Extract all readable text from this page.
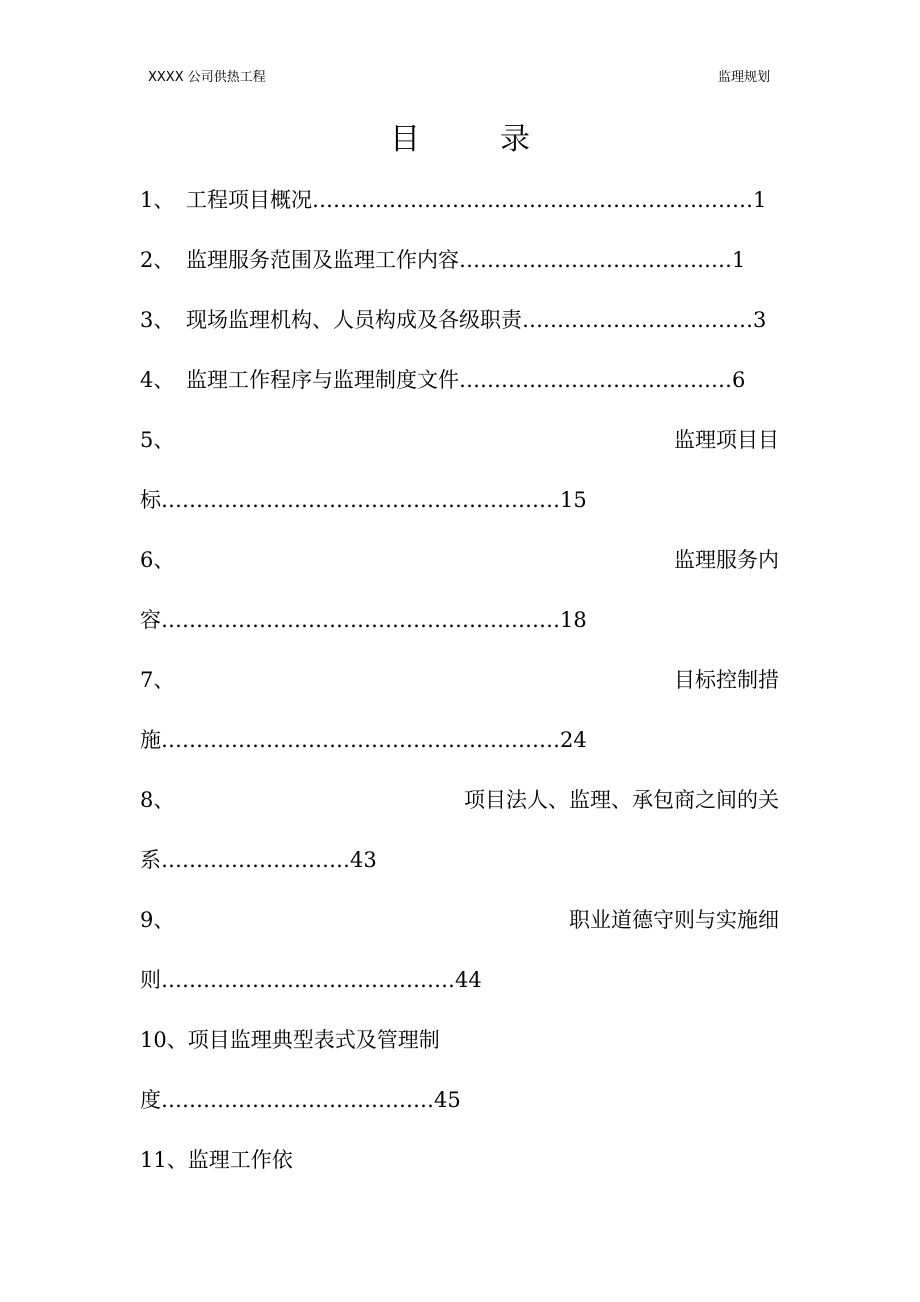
XXXX 公司供热工程	监理规划
目	录
1、 工程项目概况………………………………………………………1
2、 监理服务范围及监理工作内容…………………………………1
3、 现场监理机构、人员构成及各级职责……………………………3
4、 监理工作程序与监理制度文件…………………………………6
5、	监理项目目
标…………………………………………………15
6、	监理服务内
容…………………………………………………18
7、	目标控制措
施…………………………………………………24
8、	项目法人、监理、承包商之间的关
系………………………43
9、	职业道德守则与实施细
则……………………………………44
10、项目监理典型表式及管理制
度…………………………………45
11、监理工作依
